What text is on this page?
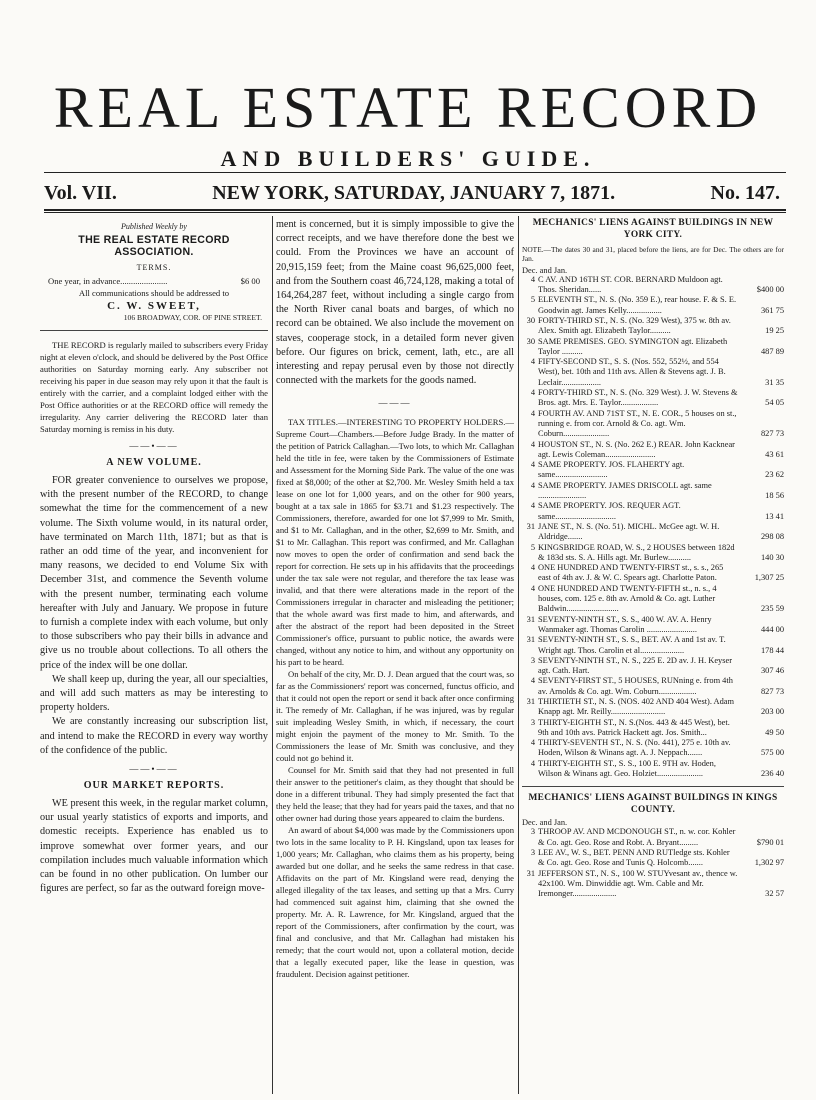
REAL ESTATE RECORD
AND BUILDERS' GUIDE.
Vol. VII.	NEW YORK, SATURDAY, JANUARY 7, 1871.	No. 147.
Published Weekly by
THE REAL ESTATE RECORD ASSOCIATION.
TERMS.
One year, in advance......................	$6 00
All communications should be addressed to
C. W. SWEET,
106 BROADWAY, COR. OF PINE STREET.

THE RECORD is regularly mailed to subscribers every Friday night at eleven o'clock, and should be delivered by the Post Office authorities on Saturday morning early. Any subscriber not receiving his paper in due season may rely upon it that the fault is entirely with the carrier, and a complaint lodged either with the Post Office authorities or at the RECORD office will remedy the irregularity. Any carrier delivering the RECORD later than Saturday morning is remiss in his duty.

——•——
A NEW VOLUME.

FOR greater convenience to ourselves we propose, with the present number of the RECORD, to change somewhat the time for the commencement of a new volume. The Sixth volume would, in its natural order, have terminated on March 11th, 1871; but as that is rather an odd time of the year, and inconvenient for many reasons, we decided to end Volume Six with December 31st, and commence the Seventh volume with the present number, terminating each volume hereafter with July and January. We propose in future to furnish a complete index with each volume, but only to those subscribers who pay their bills in advance and give us no trouble about collections. To all others the price of the index will be one dollar.

We shall keep up, during the year, all our specialties, and will add such matters as may be interesting to property holders.

We are constantly increasing our subscription list, and intend to make the RECORD in every way worthy of the confidence of the public.

——•——
OUR MARKET REPORTS.

WE present this week, in the regular market column, our usual yearly statistics of exports and imports, and domestic receipts. Experience has enabled us to improve somewhat over former years, and our compilation includes much valuable information which can be found in no other publication. On lumber our figures are perfect, so far as the outward foreign move-

ment is concerned, but it is simply impossible to give the correct receipts, and we have therefore done the best we could. From the Provinces we have an account of 20,915,159 feet; from the Maine coast 96,625,000 feet, and from the Southern coast 46,724,128, making a total of 164,264,287 feet, without including a single cargo from the North River canal boats and barges, of which no record can be obtained. We also include the movement on staves, cooperage stock, in a detailed form never given before. Our figures on brick, cement, lath, etc., are all interesting and repay perusal even by those not directly connected with the markets for the goods named.

———

TAX TITLES.—INTERESTING TO PROPERTY HOLDERS.—Supreme Court—Chambers.—Before Judge Brady. In the matter of the petition of Patrick Callaghan.—Two lots, to which Mr. Callaghan held the title in fee, were taken by the Commissioners of Estimate and Assessment for the Morning Side Park. The value of the one was fixed at $8,000; of the other at $2,700. Mr. Wesley Smith held a tax lease on one lot for 1,000 years, and on the other for 900 years, bought at a tax sale in 1865 for $3.71 and $1.23 respectively. The Commissioners, therefore, awarded for one lot $7,999 to Mr. Smith, and $1 to Mr. Callaghan, and in the other, $2,699 to Mr. Smith, and $1 to Mr. Callaghan. This report was confirmed, and Mr. Callaghan now moves to open the order of confirmation and send back the report for correction. He sets up in his affidavits that the proceedings under the tax sale were not regular, and therefore the tax lease was invalid, and that there were alterations made in the report of the Commissioners irregular in character and misleading the petitioner; that the whole award was first made to him, and afterwards, and after the abstract of the report had been deposited in the Street Commissioner's office, pursuant to public notice, the awards were changed, without any notice to him, and without any opportunity on his part to be heard.

On behalf of the city, Mr. D. J. Dean argued that the court was, so far as the Commissioners' report was concerned, functus officio, and that it could not open the report or send it back after once confirming it. The remedy of Mr. Callaghan, if he was injured, was by regular suit impleading Wesley Smith, in which, if necessary, the court might enjoin the payment of the money to Mr. Smith. To the Commissioners the lease of Mr. Smith was conclusive, and they could not go behind it.

Counsel for Mr. Smith said that they had not presented in full their answer to the petitioner's claim, as they thought that should be done in a different tribunal. They had simply presented the fact that they held the lease; that they had for years paid the taxes, and that no other owner had during those years appeared to claim the burdens.

An award of about $4,000 was made by the Commissioners upon two lots in the same locality to P. H. Kingsland, upon tax leases for 1,000 years; Mr. Callaghan, who claims them as his property, being awarded but one dollar, and he seeks the same redress in that case. Affidavits on the part of Mr. Kingsland were read, denying the alleged illegality of the tax leases, and setting up that a Mrs. Curry had commenced suit against him, claiming that she owned the property. Mr. A. R. Lawrence, for Mr. Kingsland, argued that the report of the Commissioners, after confirmation by the court, was final and conclusive, and that Mr. Callaghan had mistaken his remedy; that the court would not, upon a collateral motion, decide that a legally executed paper, like the lease in question, was fraudulent. Decision against petitioner.

MECHANICS' LIENS AGAINST BUILDINGS IN NEW YORK CITY.

NOTE.—The dates 30 and 31, placed before the liens, are for Dec. The others are for Jan.

Dec. and Jan.
4 C AV. AND 16TH ST. COR. BERNARD Muldoon agt. Thos. Sheridan......	$400 00
5 ELEVENTH ST., N. S. (No. 359 E.), rear house. F. & S. E. Goodwin agt. James Kelly.................	361 75
30 FORTY-THIRD ST., N. S. (No. 329 West), 375 w. 8th av. Alex. Smith agt. Elizabeth Taylor..........	19 25
30 SAME PREMISES. GEO. SYMINGTON agt. Elizabeth Taylor ..........	487 89
4 FIFTY-SECOND ST., S. S. (Nos. 552, 552½, and 554 West), bet. 10th and 11th avs. Allen & Stevens agt. J. B. Leclair...................	31 35
4 FORTY-THIRD ST., N. S. (No. 329 West). J. W. Stevens & Bros. agt. Mrs. E. Taylor..................	54 05
4 FOURTH AV. AND 71ST ST., N. E. COR., 5 houses on st., running e. from cor. Arnold & Co. agt. Wm. Coburn......................	827 73
4 HOUSTON ST., N. S. (No. 262 E.) REAR. John Kacknear agt. Lewis Coleman........................	43 61
4 SAME PROPERTY. JOS. FLAHERTY agt. same.........................	23 62
4 SAME PROPERTY. JAMES DRISCOLL agt. same .......................	18 56
4 SAME PROPERTY. JOS. REQUER AGT. same.............................	13 41
31 JANE ST., N. S. (No. 51). MICHL. McGee agt. W. H. Aldridge.......	298 08
5 KINGSBRIDGE ROAD, W. S., 2 HOUSES between 182d & 183d sts. S. A. Hills agt. Mr. Burlew...........	140 30
4 ONE HUNDRED AND TWENTY-FIRST st., s. s., 265 east of 4th av. J. & W. C. Spears agt. Charlotte Paton.	1,307 25
4 ONE HUNDRED AND TWENTY-FIFTH st., n. s., 4 houses, com. 125 e. 8th av. Arnold & Co. agt. Luther Baldwin.........................	235 59
31 SEVENTY-NINTH ST., S. S., 400 W. AV. A. Henry Wanmaker agt. Thomas Carolin ........................	444 00
31 SEVENTY-NINTH ST., S. S., BET. AV. A and 1st av. T. Wright agt. Thos. Carolin et al.....................	178 44
3 SEVENTY-NINTH ST., N. S., 225 E. 2D av. J. H. Keyser agt. Cath. Hart.	307 46
4 SEVENTY-FIRST ST., 5 HOUSES, RUNning e. from 4th av. Arnolds & Co. agt. Wm. Coburn..................	827 73
31 THIRTIETH ST., N. S. (NOS. 402 AND 404 West). Adam Knapp agt. Mr. Reilly..........................	203 00
3 THIRTY-EIGHTH ST., N. S.(Nos. 443 & 445 West), bet. 9th and 10th avs. Patrick Hackett agt. Jos. Smith...	49 50
4 THIRTY-SEVENTH ST., N. S. (No. 441), 275 e. 10th av. Hoden, Wilson & Winans agt. A. J. Neppach.......	575 00
4 THIRTY-EIGHTH ST., S. S., 100 E. 9TH av. Hoden, Wilson & Winans agt. Geo. Holziet......................	236 40
MECHANICS' LIENS AGAINST BUILDINGS IN KINGS COUNTY.
Dec. and Jan.
3 THROOP AV. AND MCDONOUGH ST., n. w. cor. Kohler & Co. agt. Geo. Rose and Robt. A. Bryant.........	$790 01
3 LEE AV., W. S., BET. PENN AND RUTledge sts. Kohler & Co. agt. Geo. Rose and Tunis Q. Holcomb.......	1,302 97
31 JEFFERSON ST., N. S., 100 W. STUYvesant av., thence w. 42x100. Wm. Dinwiddie agt. Wm. Cable and Mr. Iremonger.....................	32 57
